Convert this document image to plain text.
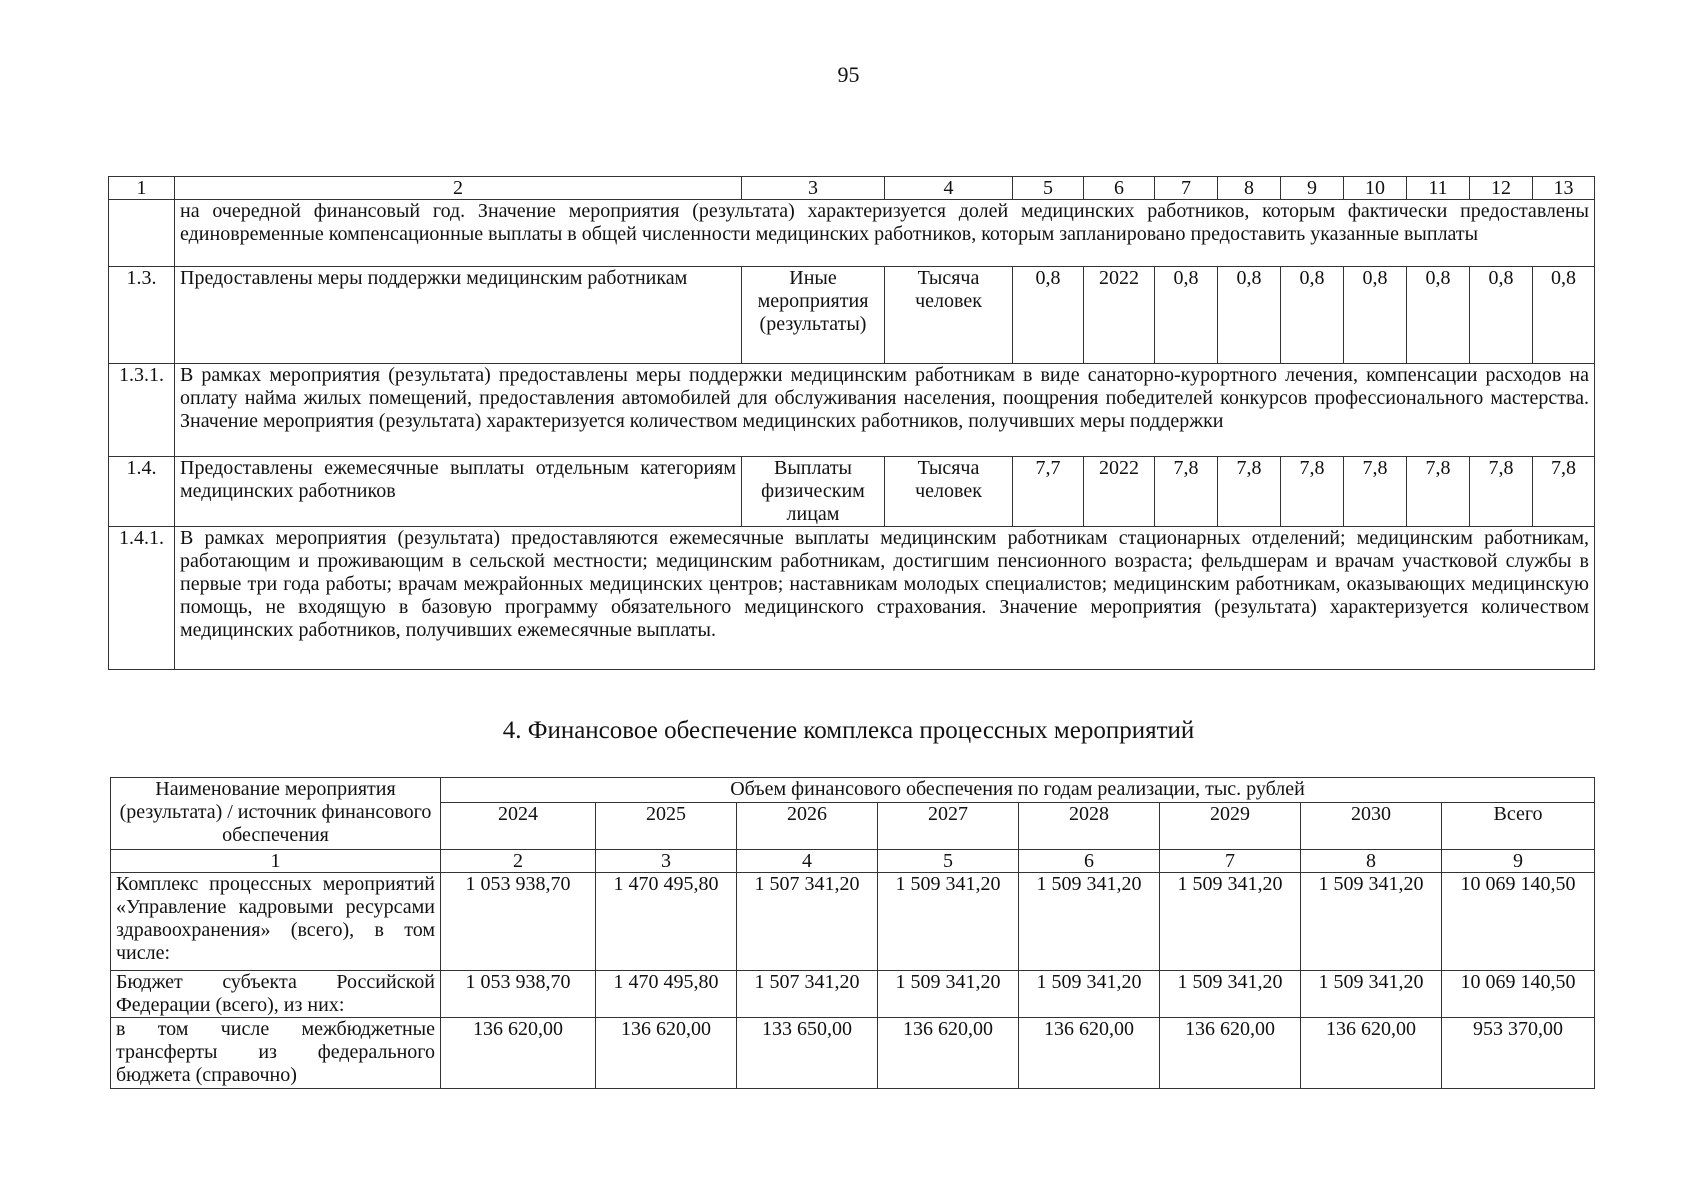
95
1	2	3	4	5	6	7	8	9	10	11	12	13
	на очередной финансовый год. Значение мероприятия (результата) характеризуется долей медицинских работников, которым фактически предоставлены единовременные компенсационные выплаты в общей численности медицинских работников, которым запланировано предоставить указанные выплаты											
1.3.	Предоставлены меры поддержки медицинским работникам	Иные мероприятия (результаты)	Тысяча человек	0,8	2022	0,8	0,8	0,8	0,8	0,8	0,8	0,8
1.3.1.	В рамках мероприятия (результата) предоставлены меры поддержки медицинским работникам в виде санаторно-курортного лечения, компенсации расходов на оплату найма жилых помещений, предоставления автомобилей для обслуживания населения, поощрения победителей конкурсов профессионального мастерства. Значение мероприятия (результата) характеризуется количеством медицинских работников, получивших меры поддержки											
1.4.	Предоставлены ежемесячные выплаты отдельным категориям медицинских работников	Выплаты физическим лицам	Тысяча человек	7,7	2022	7,8	7,8	7,8	7,8	7,8	7,8	7,8
1.4.1.	В рамках мероприятия (результата) предоставляются ежемесячные выплаты медицинским работникам стационарных отделений; медицинским работникам, работающим и проживающим в сельской местности; медицинским работникам, достигшим пенсионного возраста; фельдшерам и врачам участковой службы в первые три года работы; врачам межрайонных медицинских центров; наставникам молодых специалистов; медицинским работникам, оказывающих медицинскую помощь, не входящую в базовую программу обязательного медицинского страхования. Значение мероприятия (результата) характеризуется количеством медицинских работников, получивших ежемесячные выплаты.											
4. Финансовое обеспечение комплекса процессных мероприятий
Наименование мероприятия (результата) / источник финансового обеспечения	Объем финансового обеспечения по годам реализации, тыс. рублей							
	2024	2025	2026	2027	2028	2029	2030	Всего
1	2	3	4	5	6	7	8	9
Комплекс процессных мероприятий «Управление кадровыми ресурсами здравоохранения» (всего), в том числе:	1 053 938,70	1 470 495,80	1 507 341,20	1 509 341,20	1 509 341,20	1 509 341,20	1 509 341,20	10 069 140,50
Бюджет субъекта Российской Федерации (всего), из них:	1 053 938,70	1 470 495,80	1 507 341,20	1 509 341,20	1 509 341,20	1 509 341,20	1 509 341,20	10 069 140,50
в том числе межбюджетные трансферты из федерального бюджета (справочно)	136 620,00	136 620,00	133 650,00	136 620,00	136 620,00	136 620,00	136 620,00	953 370,00
